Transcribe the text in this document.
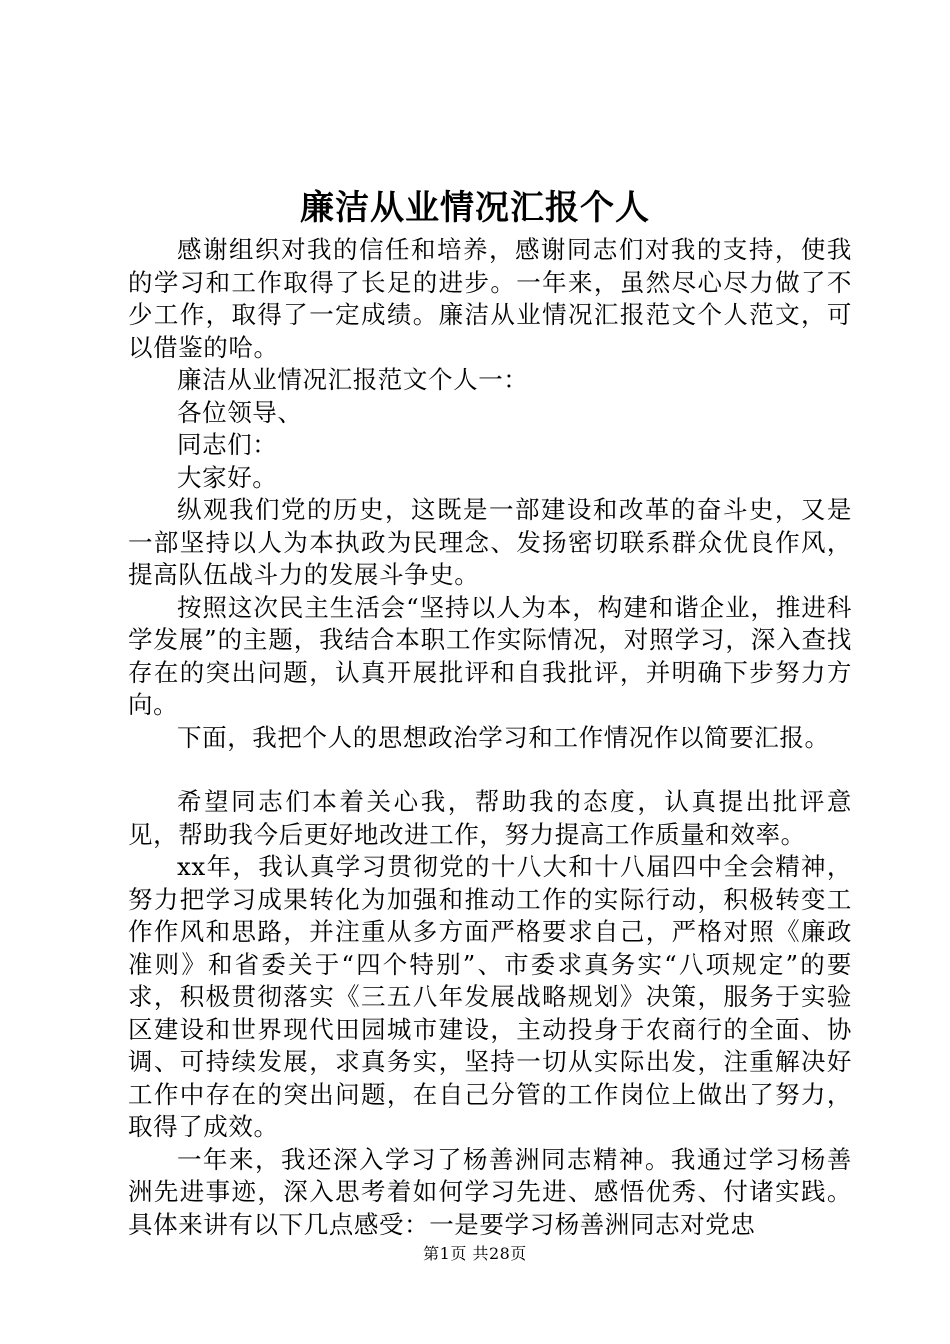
廉洁从业情况汇报个人

感谢组织对我的信任和培养，感谢同志们对我的支持，使我的学习和工作取得了长足的进步。一年来，虽然尽心尽力做了不少工作，取得了一定成绩。廉洁从业情况汇报范文个人范文，可以借鉴的哈。

廉洁从业情况汇报范文个人一：

各位领导、

同志们：

大家好。

纵观我们党的历史，这既是一部建设和改革的奋斗史，又是一部坚持以人为本执政为民理念、发扬密切联系群众优良作风，提高队伍战斗力的发展斗争史。

按照这次民主生活会“坚持以人为本，构建和谐企业，推进科学发展”的主题，我结合本职工作实际情况，对照学习，深入查找存在的突出问题，认真开展批评和自我批评，并明确下步努力方向。

下面，我把个人的思想政治学习和工作情况作以简要汇报。

希望同志们本着关心我，帮助我的态度，认真提出批评意见，帮助我今后更好地改进工作，努力提高工作质量和效率。

xx年，我认真学习贯彻党的十八大和十八届四中全会精神，努力把学习成果转化为加强和推动工作的实际行动，积极转变工作作风和思路，并注重从多方面严格要求自己，严格对照《廉政准则》和省委关于“四个特别”、市委求真务实“八项规定”的要求，积极贯彻落实《三五八年发展战略规划》决策，服务于实验区建设和世界现代田园城市建设，主动投身于农商行的全面、协调、可持续发展，求真务实，坚持一切从实际出发，注重解决好工作中存在的突出问题，在自己分管的工作岗位上做出了努力，取得了成效。

一年来，我还深入学习了杨善洲同志精神。我通过学习杨善洲先进事迹，深入思考着如何学习先进、感悟优秀、付诸实践。具体来讲有以下几点感受：一是要学习杨善洲同志对党忠

第1页 共28页
